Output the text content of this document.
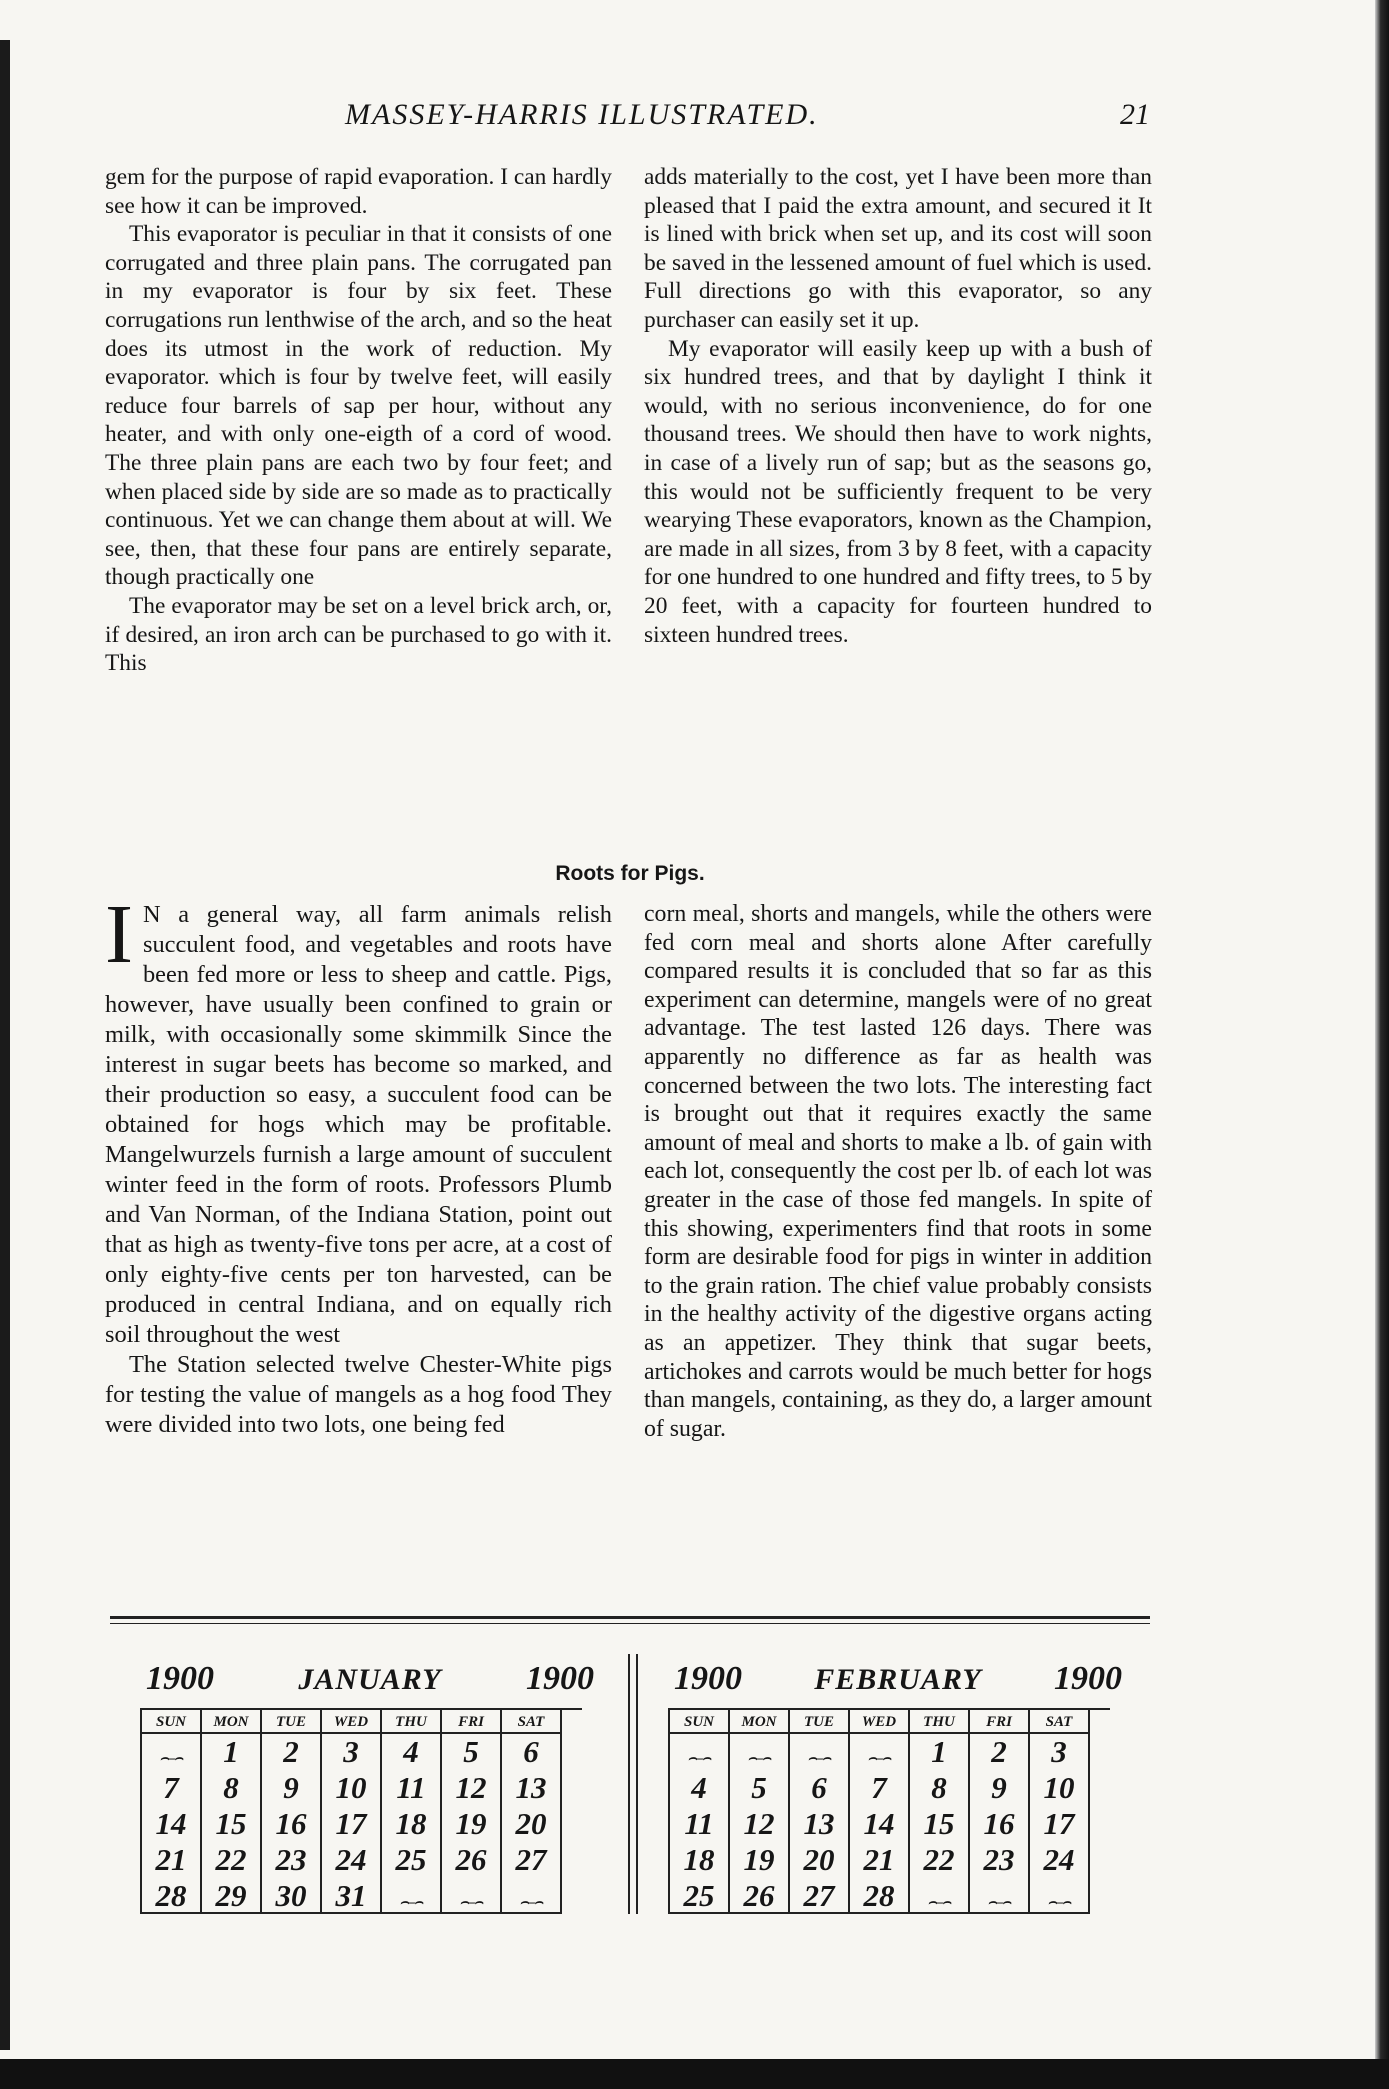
MASSEY-HARRIS ILLUSTRATED.	21

gem for the purpose of rapid evaporation. I can hardly see how it can be improved.

This evaporator is peculiar in that it consists of one corrugated and three plain pans. The corrugated pan in my evaporator is four by six feet. These corrugations run lenthwise of the arch, and so the heat does its utmost in the work of reduction. My evaporator. which is four by twelve feet, will easily reduce four barrels of sap per hour, without any heater, and with only one-eigth of a cord of wood. The three plain pans are each two by four feet; and when placed side by side are so made as to practically continuous. Yet we can change them about at will. We see, then, that these four pans are entirely separate, though practically one

The evaporator may be set on a level brick arch, or, if desired, an iron arch can be purchased to go with it. This

adds materially to the cost, yet I have been more than pleased that I paid the extra amount, and secured it It is lined with brick when set up, and its cost will soon be saved in the lessened amount of fuel which is used. Full directions go with this evaporator, so any purchaser can easily set it up.

My evaporator will easily keep up with a bush of six hundred trees, and that by daylight I think it would, with no serious inconvenience, do for one thousand trees. We should then have to work nights, in case of a lively run of sap; but as the seasons go, this would not be sufficiently frequent to be very wearying These evaporators, known as the Champion, are made in all sizes, from 3 by 8 feet, with a capacity for one hundred to one hundred and fifty trees, to 5 by 20 feet, with a capacity for fourteen hundred to sixteen hundred trees.

Roots for Pigs.

I N a general way, all farm animals relish succulent food, and vegetables and roots have been fed more or less to sheep and cattle. Pigs, however, have usually been confined to grain or milk, with occasionally some skimmilk Since the interest in sugar beets has become so marked, and their production so easy, a succulent food can be obtained for hogs which may be profitable. Mangelwurzels furnish a large amount of succulent winter feed in the form of roots. Professors Plumb and Van Norman, of the Indiana Station, point out that as high as twenty-five tons per acre, at a cost of only eighty-five cents per ton harvested, can be produced in central Indiana, and on equally rich soil throughout the west

The Station selected twelve Chester-White pigs for testing the value of mangels as a hog food They were divided into two lots, one being fed

corn meal, shorts and mangels, while the others were fed corn meal and shorts alone After carefully compared results it is concluded that so far as this experiment can determine, mangels were of no great advantage. The test lasted 126 days. There was apparently no difference as far as health was concerned between the two lots. The interesting fact is brought out that it requires exactly the same amount of meal and shorts to make a lb. of gain with each lot, consequently the cost per lb. of each lot was greater in the case of those fed mangels. In spite of this showing, experimenters find that roots in some form are desirable food for pigs in winter in addition to the grain ration. The chief value probably consists in the healthy activity of the digestive organs acting as an appetizer. They think that sugar beets, artichokes and carrots would be much better for hogs than mangels, containing, as they do, a larger amount of sugar.

1900	JANUARY 1900
SUN	MON	TUE	WED	THU	FRI	SAT
⌢–⌢	1	2	3	4	5	6
7	8	9	10 11 12 13
14 15 16 17 18 19 20
21 22 23 24 25 26 27
28 29 30 31	⌢–⌢	⌢–⌢	⌢–⌢
1900 FEBRUARY 1900
SUN	MON	TUE	WED	THU	FRI	SAT
⌢–⌢	⌢–⌢	⌢–⌢	⌢–⌢	1	2	3
4	5	6	7	8	9	10
11 12 13 14 15 16 17
18 19 20 21 22 23 24
25 26 27 28	⌢–⌢	⌢–⌢	⌢–⌢
